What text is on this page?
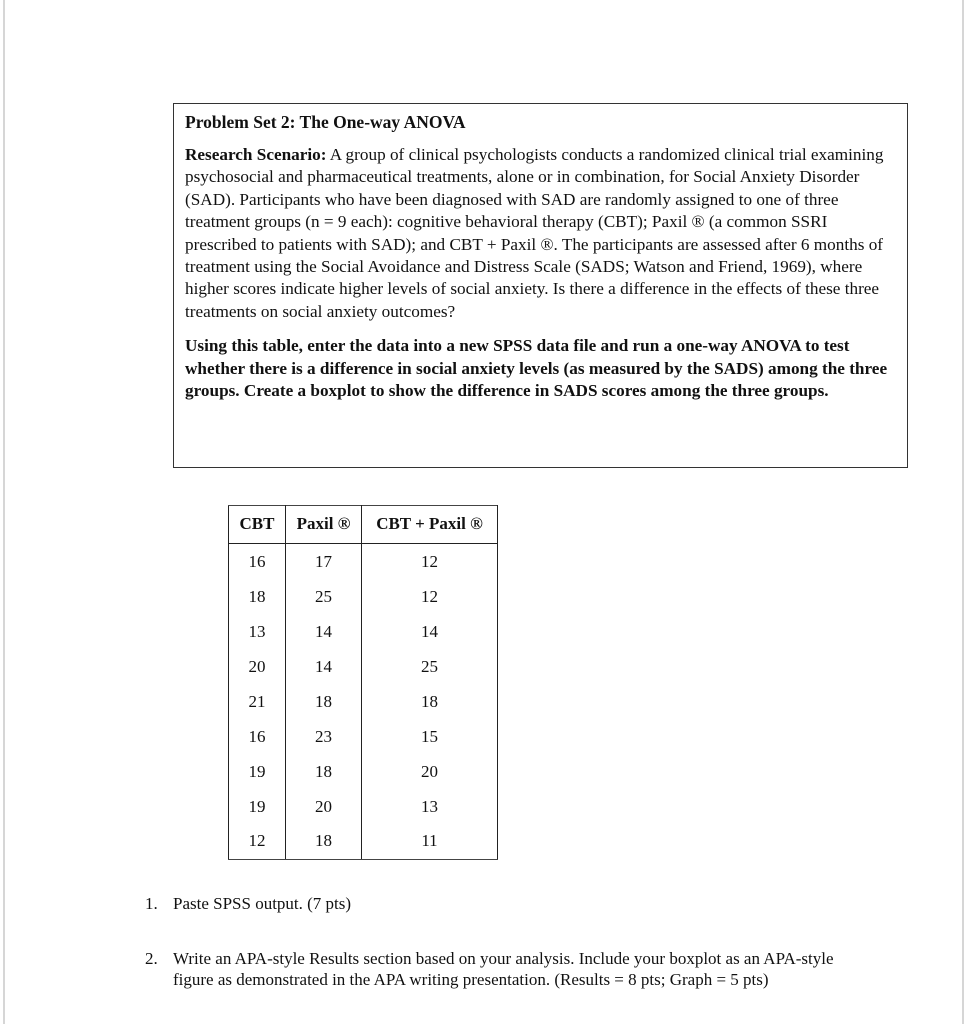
Problem Set 2: The One-way ANOVA

Research Scenario: A group of clinical psychologists conducts a randomized clinical trial examining psychosocial and pharmaceutical treatments, alone or in combination, for Social Anxiety Disorder (SAD). Participants who have been diagnosed with SAD are randomly assigned to one of three treatment groups (n = 9 each): cognitive behavioral therapy (CBT); Paxil ® (a common SSRI prescribed to patients with SAD); and CBT + Paxil ®. The participants are assessed after 6 months of treatment using the Social Avoidance and Distress Scale (SADS; Watson and Friend, 1969), where higher scores indicate higher levels of social anxiety. Is there a difference in the effects of these three treatments on social anxiety outcomes?

Using this table, enter the data into a new SPSS data file and run a one-way ANOVA to test whether there is a difference in social anxiety levels (as measured by the SADS) among the three groups. Create a boxplot to show the difference in SADS scores among the three groups.

CBT	Paxil ®	CBT + Paxil ®
16	17	12
18	25	12
13	14	14
20	14	25
21	18	18
16	23	15
19	18	20
19	20	13
12	18	11
1. Paste SPSS output. (7 pts)
2. Write an APA-style Results section based on your analysis. Include your boxplot as an APA-style figure as demonstrated in the APA writing presentation. (Results = 8 pts; Graph = 5 pts)
